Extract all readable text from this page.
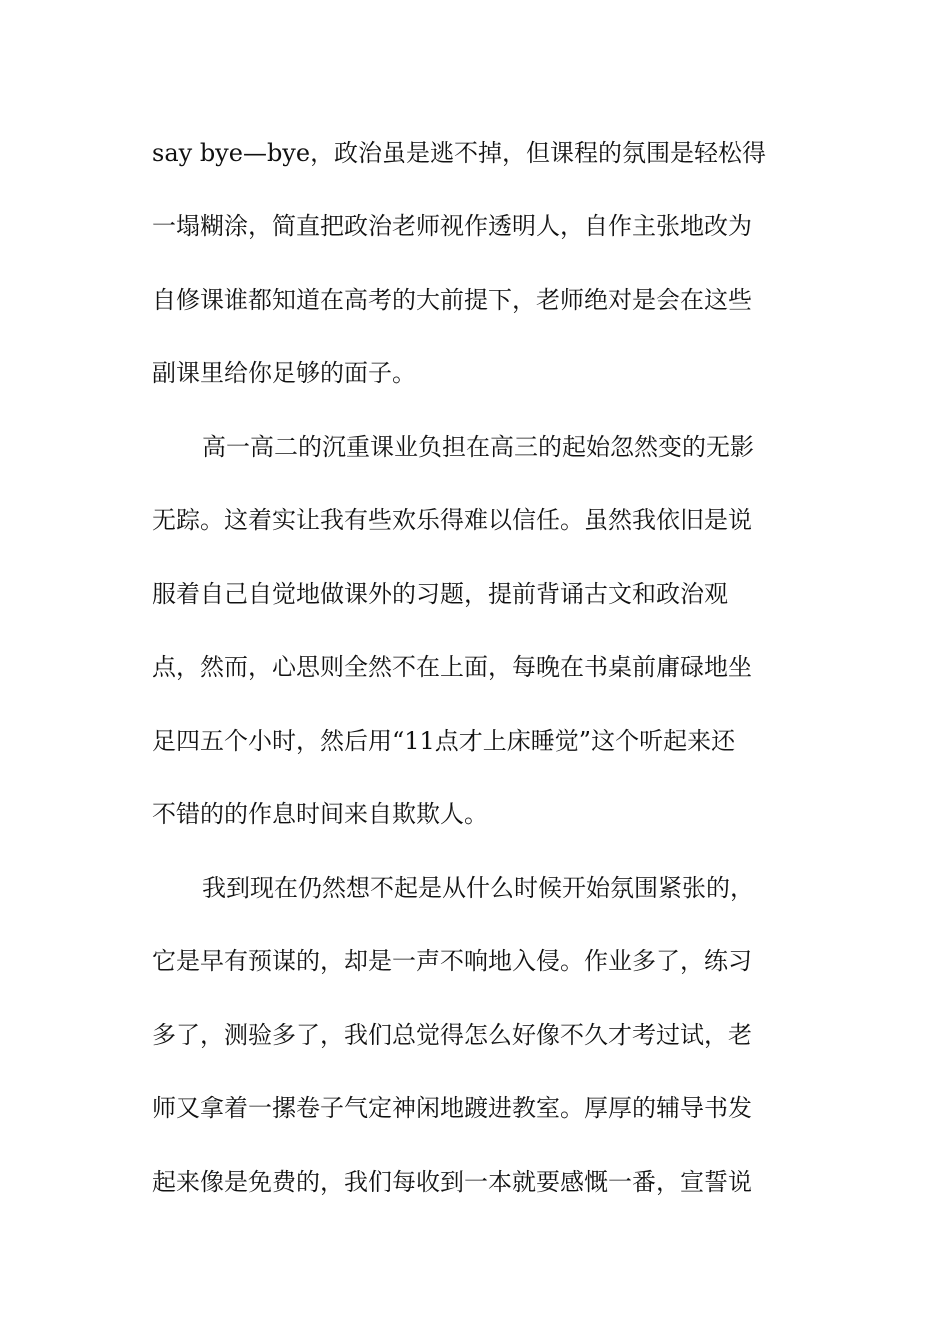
say bye—bye，政治虽是逃不掉，但课程的氛围是轻松得

一塌糊涂，简直把政治老师视作透明人，自作主张地改为

自修课谁都知道在高考的大前提下，老师绝对是会在这些

副课里给你足够的面子。

高一高二的沉重课业负担在高三的起始忽然变的无影

无踪。这着实让我有些欢乐得难以信任。虽然我依旧是说

服着自己自觉地做课外的习题，提前背诵古文和政治观

点，然而，心思则全然不在上面，每晚在书桌前庸碌地坐

足四五个小时，然后用“11点才上床睡觉”这个听起来还

不错的的作息时间来自欺欺人。

我到现在仍然想不起是从什么时候开始氛围紧张的，

它是早有预谋的，却是一声不响地入侵。作业多了，练习

多了，测验多了，我们总觉得怎么好像不久才考过试，老

师又拿着一摞卷子气定神闲地踱进教室。厚厚的辅导书发

起来像是免费的，我们每收到一本就要感慨一番，宣誓说
